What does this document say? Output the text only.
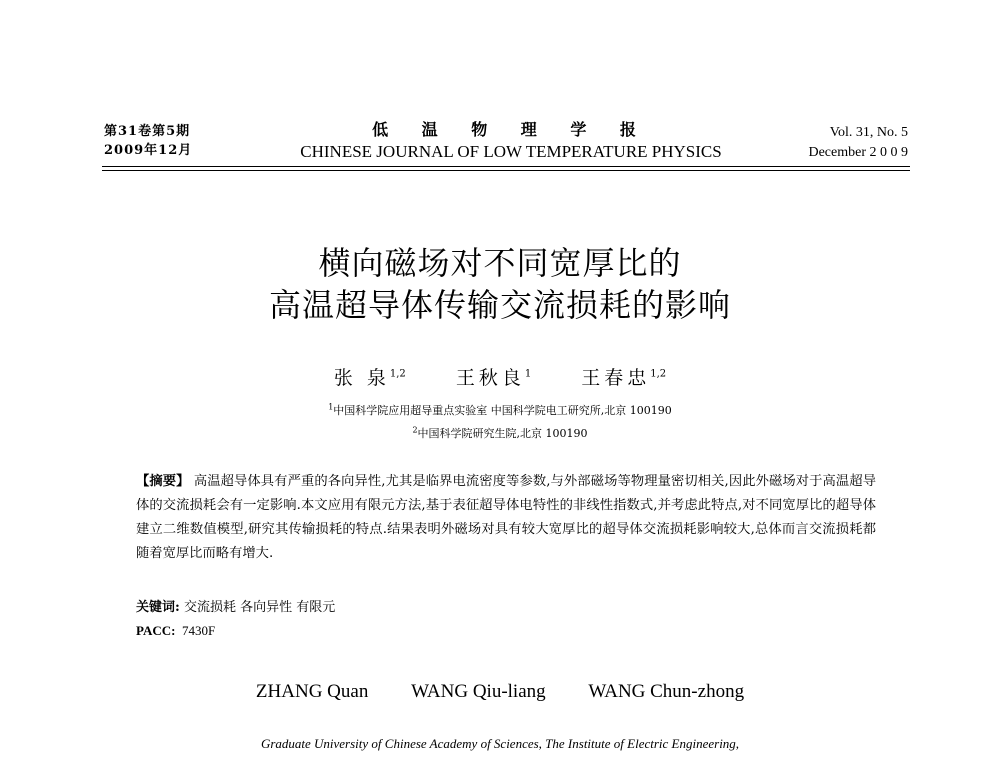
第31卷第5期
2009年12月
低 温 物 理 学 报
CHINESE JOURNAL OF LOW TEMPERATURE PHYSICS
Vol. 31, No. 5
December 2 0 0 9
横向磁场对不同宽厚比的
高温超导体传输交流损耗的影响
张 泉$^{1,2}$	王秋良$^1$	王春忠$^{1,2}$
$^1$中国科学院应用超导重点实验室 中国科学院电工研究所,北京 100190
$^2$中国科学院研究生院,北京 100190
【摘要】 高温超导体具有严重的各向异性,尤其是临界电流密度等参数,与外部磁场等物理量密切相关,因此外磁场对于高温超导体的交流损耗会有一定影响.本文应用有限元方法,基于表征超导体电特性的非线性指数式,并考虑此特点,对不同宽厚比的超导体建立二维数值模型,研究其传输损耗的特点.结果表明外磁场对具有较大宽厚比的超导体交流损耗影响较大,总体而言交流损耗都随着宽厚比而略有增大.
关键词: 交流损耗 各向异性 有限元
PACC: 7430F
ZHANG Quan WANG Qiu-liang WANG Chun-zhong
Graduate University of Chinese Academy of Sciences, The Institute of Electric Engineering,
